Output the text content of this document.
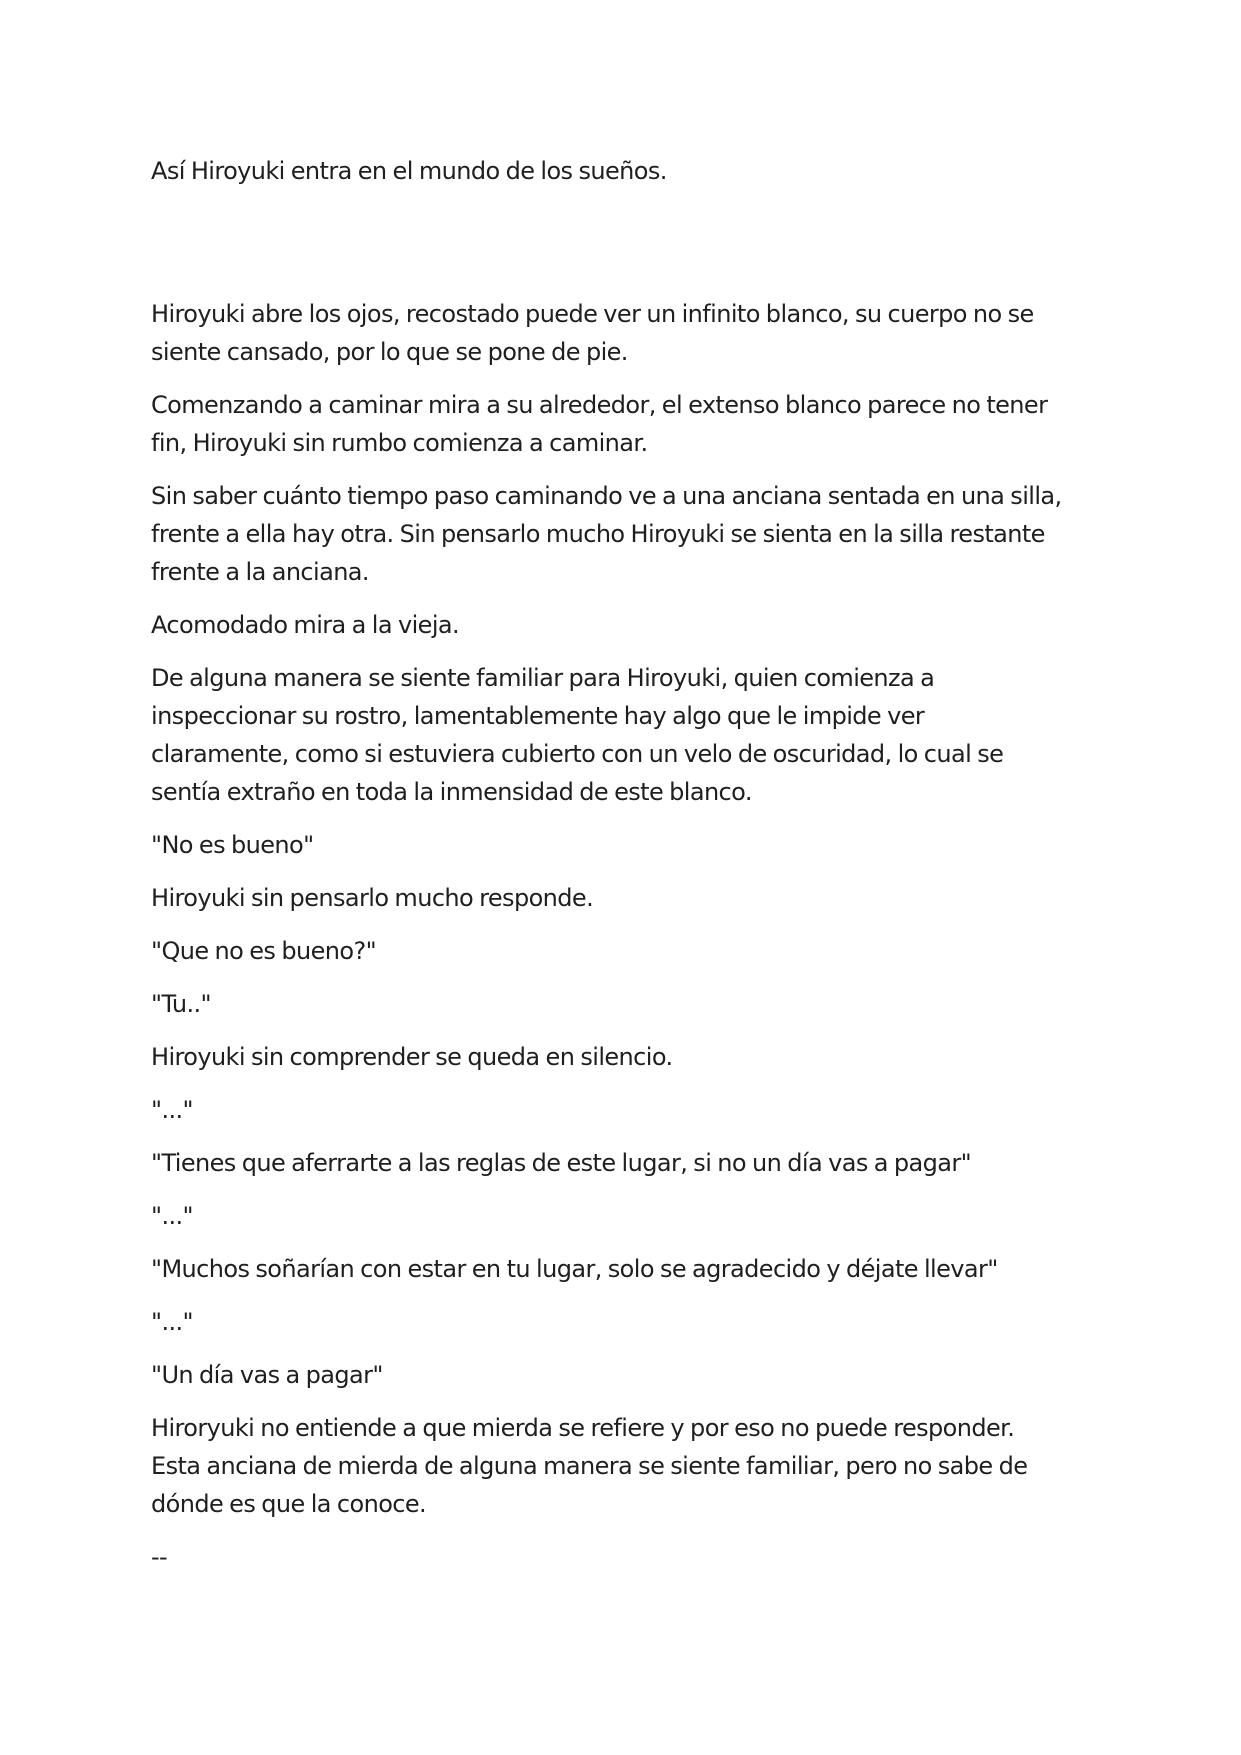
Así Hiroyuki entra en el mundo de los sueños.

Hiroyuki abre los ojos, recostado puede ver un infinito blanco, su cuerpo no se
siente cansado, por lo que se pone de pie.

Comenzando a caminar mira a su alrededor, el extenso blanco parece no tener
fin, Hiroyuki sin rumbo comienza a caminar.

Sin saber cuánto tiempo paso caminando ve a una anciana sentada en una silla,
frente a ella hay otra. Sin pensarlo mucho Hiroyuki se sienta en la silla restante
frente a la anciana.

Acomodado mira a la vieja.

De alguna manera se siente familiar para Hiroyuki, quien comienza a
inspeccionar su rostro, lamentablemente hay algo que le impide ver
claramente, como si estuviera cubierto con un velo de oscuridad, lo cual se
sentía extraño en toda la inmensidad de este blanco.

"No es bueno"

Hiroyuki sin pensarlo mucho responde.

"Que no es bueno?"

"Tu.."

Hiroyuki sin comprender se queda en silencio.

"..."

"Tienes que aferrarte a las reglas de este lugar, si no un día vas a pagar"

"..."

"Muchos soñarían con estar en tu lugar, solo se agradecido y déjate llevar"

"..."

"Un día vas a pagar"

Hiroryuki no entiende a que mierda se refiere y por eso no puede responder.
Esta anciana de mierda de alguna manera se siente familiar, pero no sabe de
dónde es que la conoce.

--
